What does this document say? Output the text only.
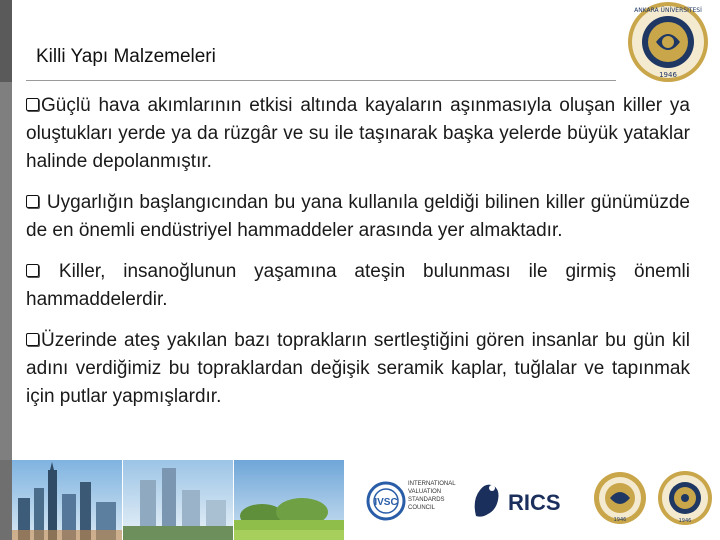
Killi Yapı Malzemeleri
ANKARA ÜNİVERSİTESİ
1946

Güçlü hava akımlarının etkisi altında kayaların aşınmasıyla oluşan killer ya oluştukları yerde ya da rüzgâr ve su ile taşınarak başka yelerde büyük yataklar halinde depolanmıştır.

Uygarlığın başlangıcından bu yana kullanıla geldiği bilinen killer günümüzde de en önemli endüstriyel hammaddeler arasında yer almaktadır.

Killer, insanoğlunun yaşamına ateşin bulunması ile girmiş önemli hammaddelerdir.

Üzerinde ateş yakılan bazı toprakların sertleştiğini gören insanlar bu gün kil adını verdiğimiz bu topraklardan değişik seramik kaplar, tuğlalar ve tapınmak için putlar yapmışlardır.

IVSC
INTERNATIONAL VALUATION STANDARDS COUNCIL	RICS
1946	1946
